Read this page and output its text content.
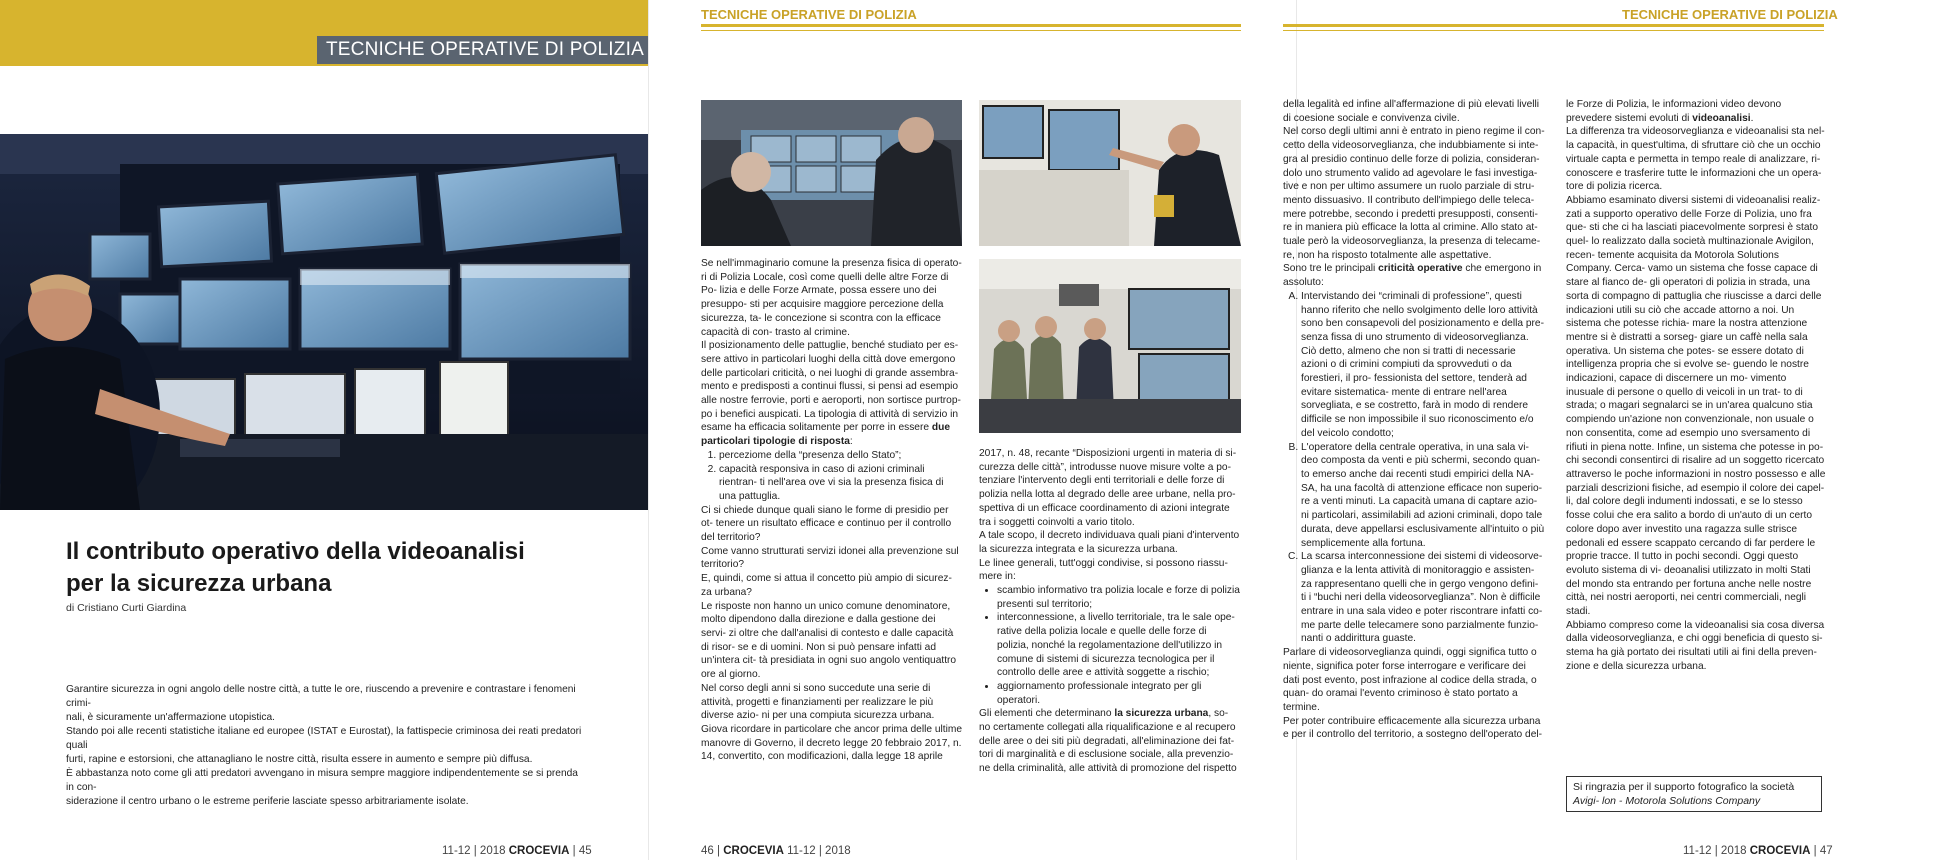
TECNICHE OPERATIVE DI POLIZIA
Il contributo operativo della videoanalisi
per la sicurezza urbana
di Cristiano Curti Giardina

Garantire sicurezza in ogni angolo delle nostre città, a tutte le ore, riuscendo a prevenire e contrastare i fenomeni crimi-

nali, è sicuramente un'affermazione utopistica.

Stando poi alle recenti statistiche italiane ed europee (ISTAT e Eurostat), la fattispecie criminosa dei reati predatori quali

furti, rapine e estorsioni, che attanagliano le nostre città, risulta essere in aumento e sempre più diffusa.

È abbastanza noto come gli atti predatori avvengano in misura sempre maggiore indipendentemente se si prenda in con-

siderazione il centro urbano o le estreme periferie lasciate spesso arbitrariamente isolate.

11-12 | 2018 CROCEVIA | 45
TECNICHE OPERATIVE DI POLIZIA

Se nell'immaginario comune la presenza fisica di operato- ri di Polizia Locale, così come quelli delle altre Forze di Po- lizia e delle Forze Armate, possa essere uno dei presuppo- sti per acquisire maggiore percezione della sicurezza, ta- le concezione si scontra con la efficace capacità di con- trasto al crimine.

Il posizionamento delle pattuglie, benché studiato per es- sere attivo in particolari luoghi della città dove emergono delle particolari criticità, o nei luoghi di grande assembra- mento e predisposti a continui flussi, si pensi ad esempio alle nostre ferrovie, porti e aeroporti, non sortisce purtrop- po i benefici auspicati. La tipologia di attività di servizio in esame ha efficacia solitamente per porre in essere due particolari tipologie di risposta:

1. perceziome della “presenza dello Stato”;
2. capacità responsiva in caso di azioni criminali rientran- ti nell'area ove vi sia la presenza fisica di una pattuglia.

Ci si chiede dunque quali siano le forme di presidio per ot- tenere un risultato efficace e continuo per il controllo del territorio?

Come vanno strutturati servizi idonei alla prevenzione sul territorio?

E, quindi, come si attua il concetto più ampio di sicurez- za urbana?

Le risposte non hanno un unico comune denominatore, molto dipendono dalla direzione e dalla gestione dei servi- zi oltre che dall'analisi di contesto e dalle capacità di risor- se e di uomini. Non si può pensare infatti ad un'intera cit- tà presidiata in ogni suo angolo ventiquattro ore al giorno.

Nel corso degli anni si sono succedute una serie di attività, progetti e finanziamenti per realizzare le più diverse azio- ni per una compiuta sicurezza urbana.

Giova ricordare in particolare che ancor prima delle ultime manovre di Governo, il decreto legge 20 febbraio 2017, n. 14, convertito, con modificazioni, dalla legge 18 aprile

2017, n. 48, recante “Disposizioni urgenti in materia di si- curezza delle città”, introdusse nuove misure volte a po- tenziare l'intervento degli enti territoriali e delle forze di polizia nella lotta al degrado delle aree urbane, nella pro- spettiva di un efficace coordinamento di azioni integrate tra i soggetti coinvolti a vario titolo.

A tale scopo, il decreto individuava quali piani d'intervento la sicurezza integrata e la sicurezza urbana.

Le linee generali, tutt'oggi condivise, si possono riassu- mere in:

• scambio informativo tra polizia locale e forze di polizia presenti sul territorio;
• interconnessione, a livello territoriale, tra le sale ope- rative della polizia locale e quelle delle forze di polizia, nonché la regolamentazione dell'utilizzo in comune di sistemi di sicurezza tecnologica per il controllo delle aree e attività soggette a rischio;
• aggiornamento professionale integrato per gli operatori.

Gli elementi che determinano la sicurezza urbana, so- no certamente collegati alla riqualificazione e al recupero delle aree o dei siti più degradati, all'eliminazione dei fat- tori di marginalità e di esclusione sociale, alla prevenzio- ne della criminalità, alle attività di promozione del rispetto

46 | CROCEVIA 11-12 | 2018
TECNICHE OPERATIVE DI POLIZIA

della legalità ed infine all'affermazione di più elevati livelli di coesione sociale e convivenza civile.

Nel corso degli ultimi anni è entrato in pieno regime il con- cetto della videosorveglianza, che indubbiamente si inte- gra al presidio continuo delle forze di polizia, consideran- dolo uno strumento valido ad agevolare le fasi investiga- tive e non per ultimo assumere un ruolo parziale di stru- mento dissuasivo. Il contributo dell'impiego delle teleca- mere potrebbe, secondo i predetti presupposti, consenti- re in maniera più efficace la lotta al crimine. Allo stato at- tuale però la videosorveglianza, la presenza di telecame- re, non ha risposto totalmente alle aspettative.

Sono tre le principali criticità operative che emergono in assoluto:

A. Intervistando dei “criminali di professione”, questi hanno riferito che nello svolgimento delle loro attività sono ben consapevoli del posizionamento e della pre- senza fissa di uno strumento di videosorveglianza. Ciò detto, almeno che non si tratti di necessarie azioni o di crimini compiuti da sprovveduti o da forestieri, il pro- fessionista del settore, tenderà ad evitare sistematica- mente di entrare nell'area sorvegliata, e se costretto, farà in modo di rendere difficile se non impossibile il suo riconoscimento e/o del veicolo condotto;
B. L'operatore della centrale operativa, in una sala vi- deo composta da venti e più schermi, secondo quan- to emerso anche dai recenti studi empirici della NA- SA, ha una facoltà di attenzione efficace non superio- re a venti minuti. La capacità umana di captare azio- ni particolari, assimilabili ad azioni criminali, dopo tale durata, deve appellarsi esclusivamente all'intuito o più semplicemente alla fortuna.
C. La scarsa interconnessione dei sistemi di videosorve- glianza e la lenta attività di monitoraggio e assisten- za rappresentano quelli che in gergo vengono defini- ti i “buchi neri della videosorveglianza”. Non è difficile entrare in una sala video e poter riscontrare infatti co- me parte delle telecamere sono parzialmente funzio- nanti o addirittura guaste.

Parlare di videosorveglianza quindi, oggi significa tutto o niente, significa poter forse interrogare e verificare dei dati post evento, post infrazione al codice della strada, o quan- do oramai l'evento criminoso è stato portato a termine.

Per poter contribuire efficacemente alla sicurezza urbana e per il controllo del territorio, a sostegno dell'operato del-

le Forze di Polizia, le informazioni video devono prevedere sistemi evoluti di videoanalisi.

La differenza tra videosorveglianza e videoanalisi sta nel- la capacità, in quest'ultima, di sfruttare ciò che un occhio virtuale capta e permetta in tempo reale di analizzare, ri- conoscere e trasferire tutte le informazioni che un opera- tore di polizia ricerca.

Abbiamo esaminato diversi sistemi di videoanalisi realiz- zati a supporto operativo delle Forze di Polizia, uno fra que- sti che ci ha lasciati piacevolmente sorpresi è stato quel- lo realizzato dalla società multinazionale Avigilon, recen- temente acquisita da Motorola Solutions Company. Cerca- vamo un sistema che fosse capace di stare al fianco de- gli operatori di polizia in strada, una sorta di compagno di pattuglia che riuscisse a darci delle indicazioni utili su ciò che accade attorno a noi. Un sistema che potesse richia- mare la nostra attenzione mentre si è distratti a sorseg- giare un caffè nella sala operativa. Un sistema che potes- se essere dotato di intelligenza propria che si evolve se- guendo le nostre indicazioni, capace di discernere un mo- vimento inusuale di persone o quello di veicoli in un trat- to di strada; o magari segnalarci se in un'area qualcuno stia compiendo un'azione non convenzionale, non usuale o non consentita, come ad esempio uno sversamento di rifiuti in piena notte. Infine, un sistema che potesse in po- chi secondi consentirci di risalire ad un soggetto ricercato attraverso le poche informazioni in nostro possesso e alle parziali descrizioni fisiche, ad esempio il colore dei capel- li, dal colore degli indumenti indossati, e se lo stesso fosse colui che era salito a bordo di un'auto di un certo colore dopo aver investito una ragazza sulle strisce pedonali ed essere scappato cercando di far perdere le proprie tracce. Il tutto in pochi secondi. Oggi questo evoluto sistema di vi- deoanalisi utilizzato in molti Stati del mondo sta entrando per fortuna anche nelle nostre città, nei nostri aeroporti, nei centri commerciali, negli stadi.

Abbiamo compreso come la videoanalisi sia cosa diversa dalla videosorveglianza, e chi oggi beneficia di questo si- stema ha già portato dei risultati utili ai fini della preven- zione e della sicurezza urbana.

Si ringrazia per il supporto fotografico la società Avigi- lon - Motorola Solutions Company
11-12 | 2018 CROCEVIA | 47
